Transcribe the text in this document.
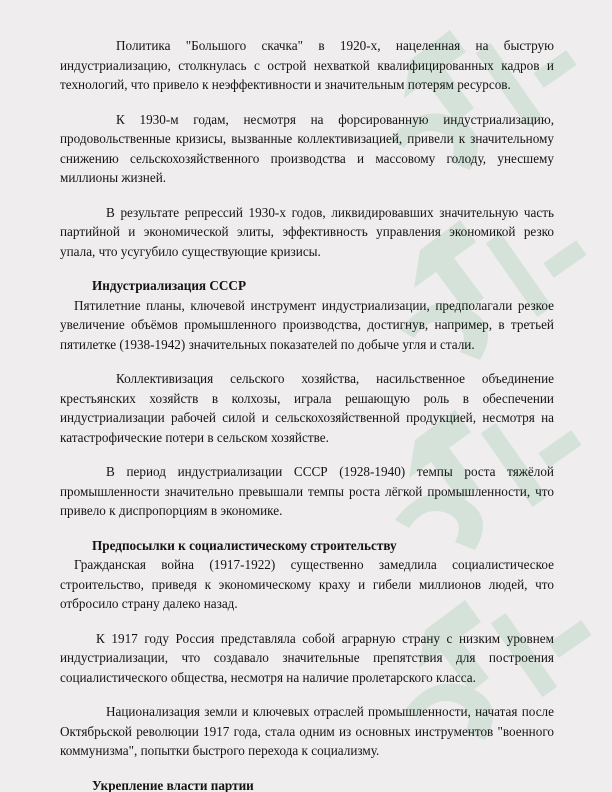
Политика "Большого скачка" в 1920-х, нацеленная на быструю индустриализацию, столкнулась с острой нехваткой квалифицированных кадров и технологий, что привело к неэффективности и значительным потерям ресурсов.

К 1930-м годам, несмотря на форсированную индустриализацию, продовольственные кризисы, вызванные коллективизацией, привели к значительному снижению сельскохозяйственного производства и массовому голоду, унесшему миллионы жизней.

В результате репрессий 1930-х годов, ликвидировавших значительную часть партийной и экономической элиты, эффективность управления экономикой резко упала, что усугубило существующие кризисы.

Индустриализация СССР

Пятилетние планы, ключевой инструмент индустриализации, предполагали резкое увеличение объёмов промышленного производства, достигнув, например, в третьей пятилетке (1938-1942) значительных показателей по добыче угля и стали.

Коллективизация сельского хозяйства, насильственное объединение крестьянских хозяйств в колхозы, играла решающую роль в обеспечении индустриализации рабочей силой и сельскохозяйственной продукцией, несмотря на катастрофические потери в сельском хозяйстве.

В период индустриализации СССР (1928-1940) темпы роста тяжёлой промышленности значительно превышали темпы роста лёгкой промышленности, что привело к диспропорциям в экономике.

Предпосылки к социалистическому строительству

Гражданская война (1917-1922) существенно замедлила социалистическое строительство, приведя к экономическому краху и гибели миллионов людей, что отбросило страну далеко назад.

К 1917 году Россия представляла собой аграрную страну с низким уровнем индустриализации, что создавало значительные препятствия для построения социалистического общества, несмотря на наличие пролетарского класса.

Национализация земли и ключевых отраслей промышленности, начатая после Октябрьской революции 1917 года, стала одним из основных инструментов "военного коммунизма", попытки быстрого перехода к социализму.

Укрепление власти партии
